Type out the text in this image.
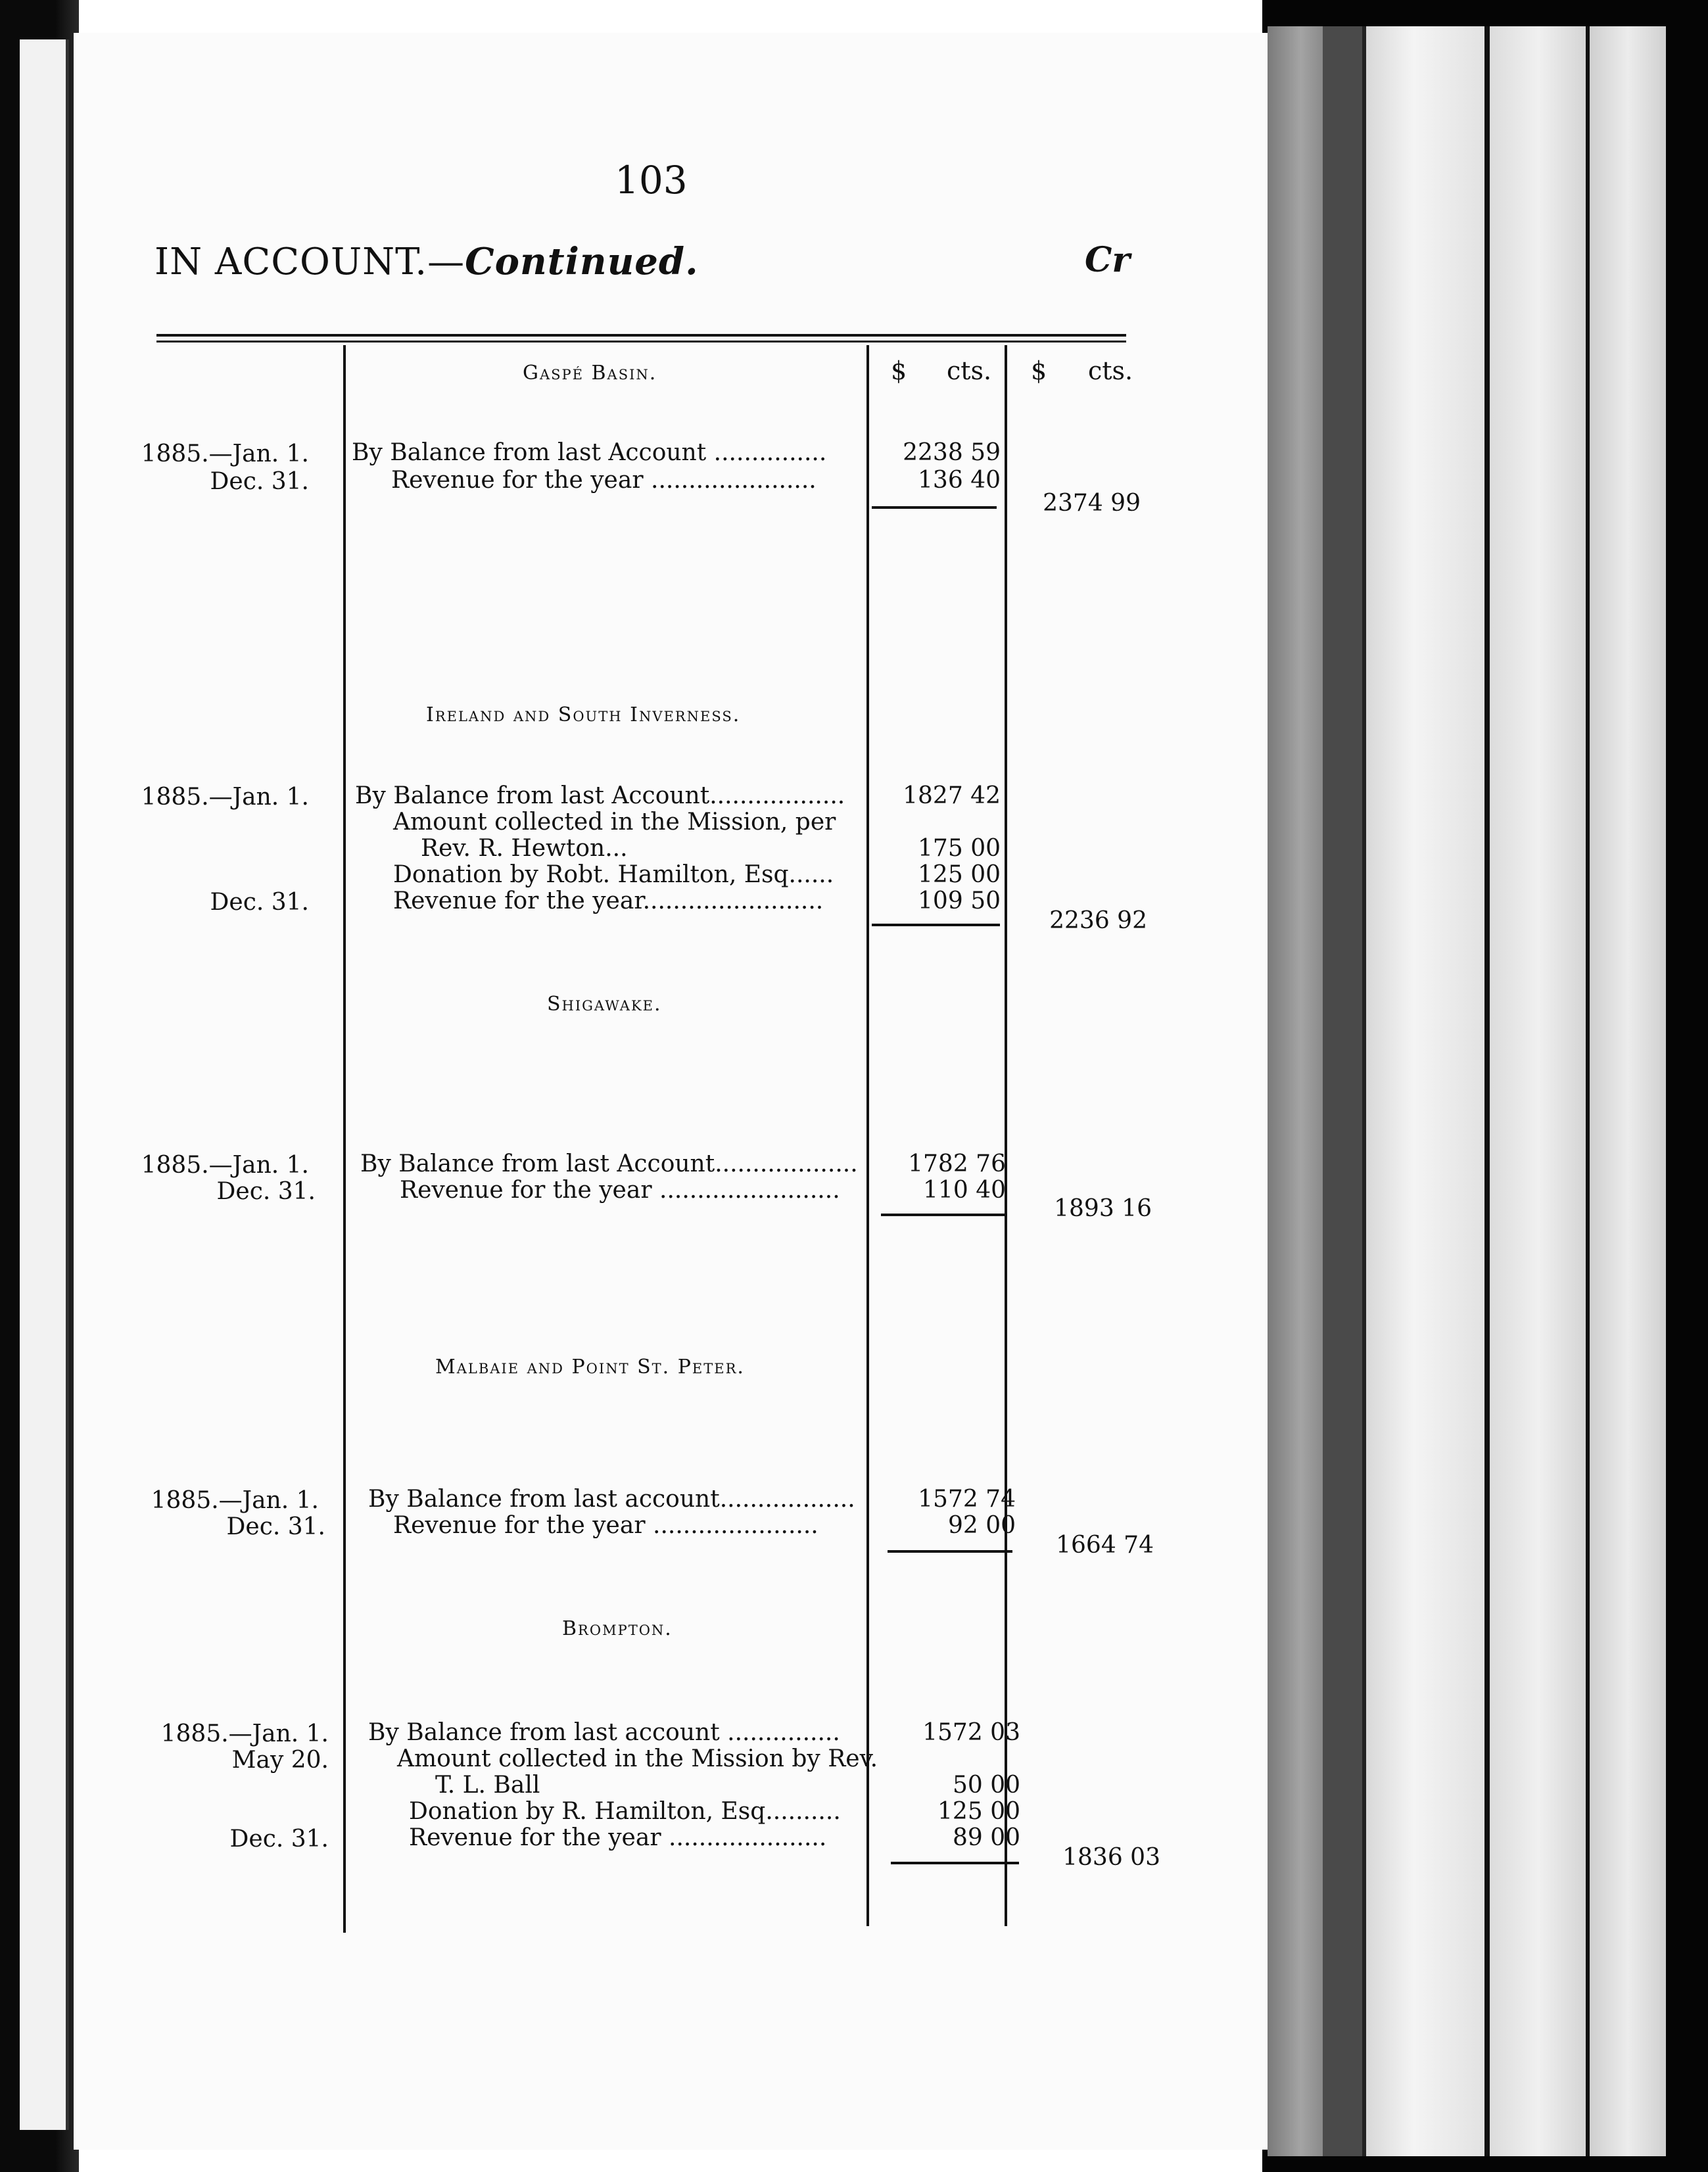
103
IN ACCOUNT.—Continued.	Cr
$ cts. $ cts.
Gaspé Basin.
1885.—Jan. 1. By Balance from last Account ...............	2238 59
Dec. 31.	Revenue for the year ......................	136 40
2374 99
Ireland and South Inverness.
1885.—Jan. 1. By Balance from last Account..................	1827 42
Amount collected in the Mission, per
Rev. R. Hewton...	175 00
Donation by Robt. Hamilton, Esq......	125 00
Dec. 31.	Revenue for the year........................	109 50
2236 92
Shigawake.
1885.—Jan. 1. By Balance from last Account...................	1782 76
Dec. 31.	Revenue for the year ........................	110 40
1893 16
Malbaie and Point St. Peter.
1885.—Jan. 1. By Balance from last account..................	1572 74
Dec. 31.	Revenue for the year ......................	92 00
1664 74
Brompton.
1885.—Jan. 1. By Balance from last account ...............	1572 03
May 20.	Amount collected in the Mission by Rev.
T. L. Ball	50 00
Donation by R. Hamilton, Esq..........	125 00
Dec. 31.	Revenue for the year .....................	89 00
1836 03
